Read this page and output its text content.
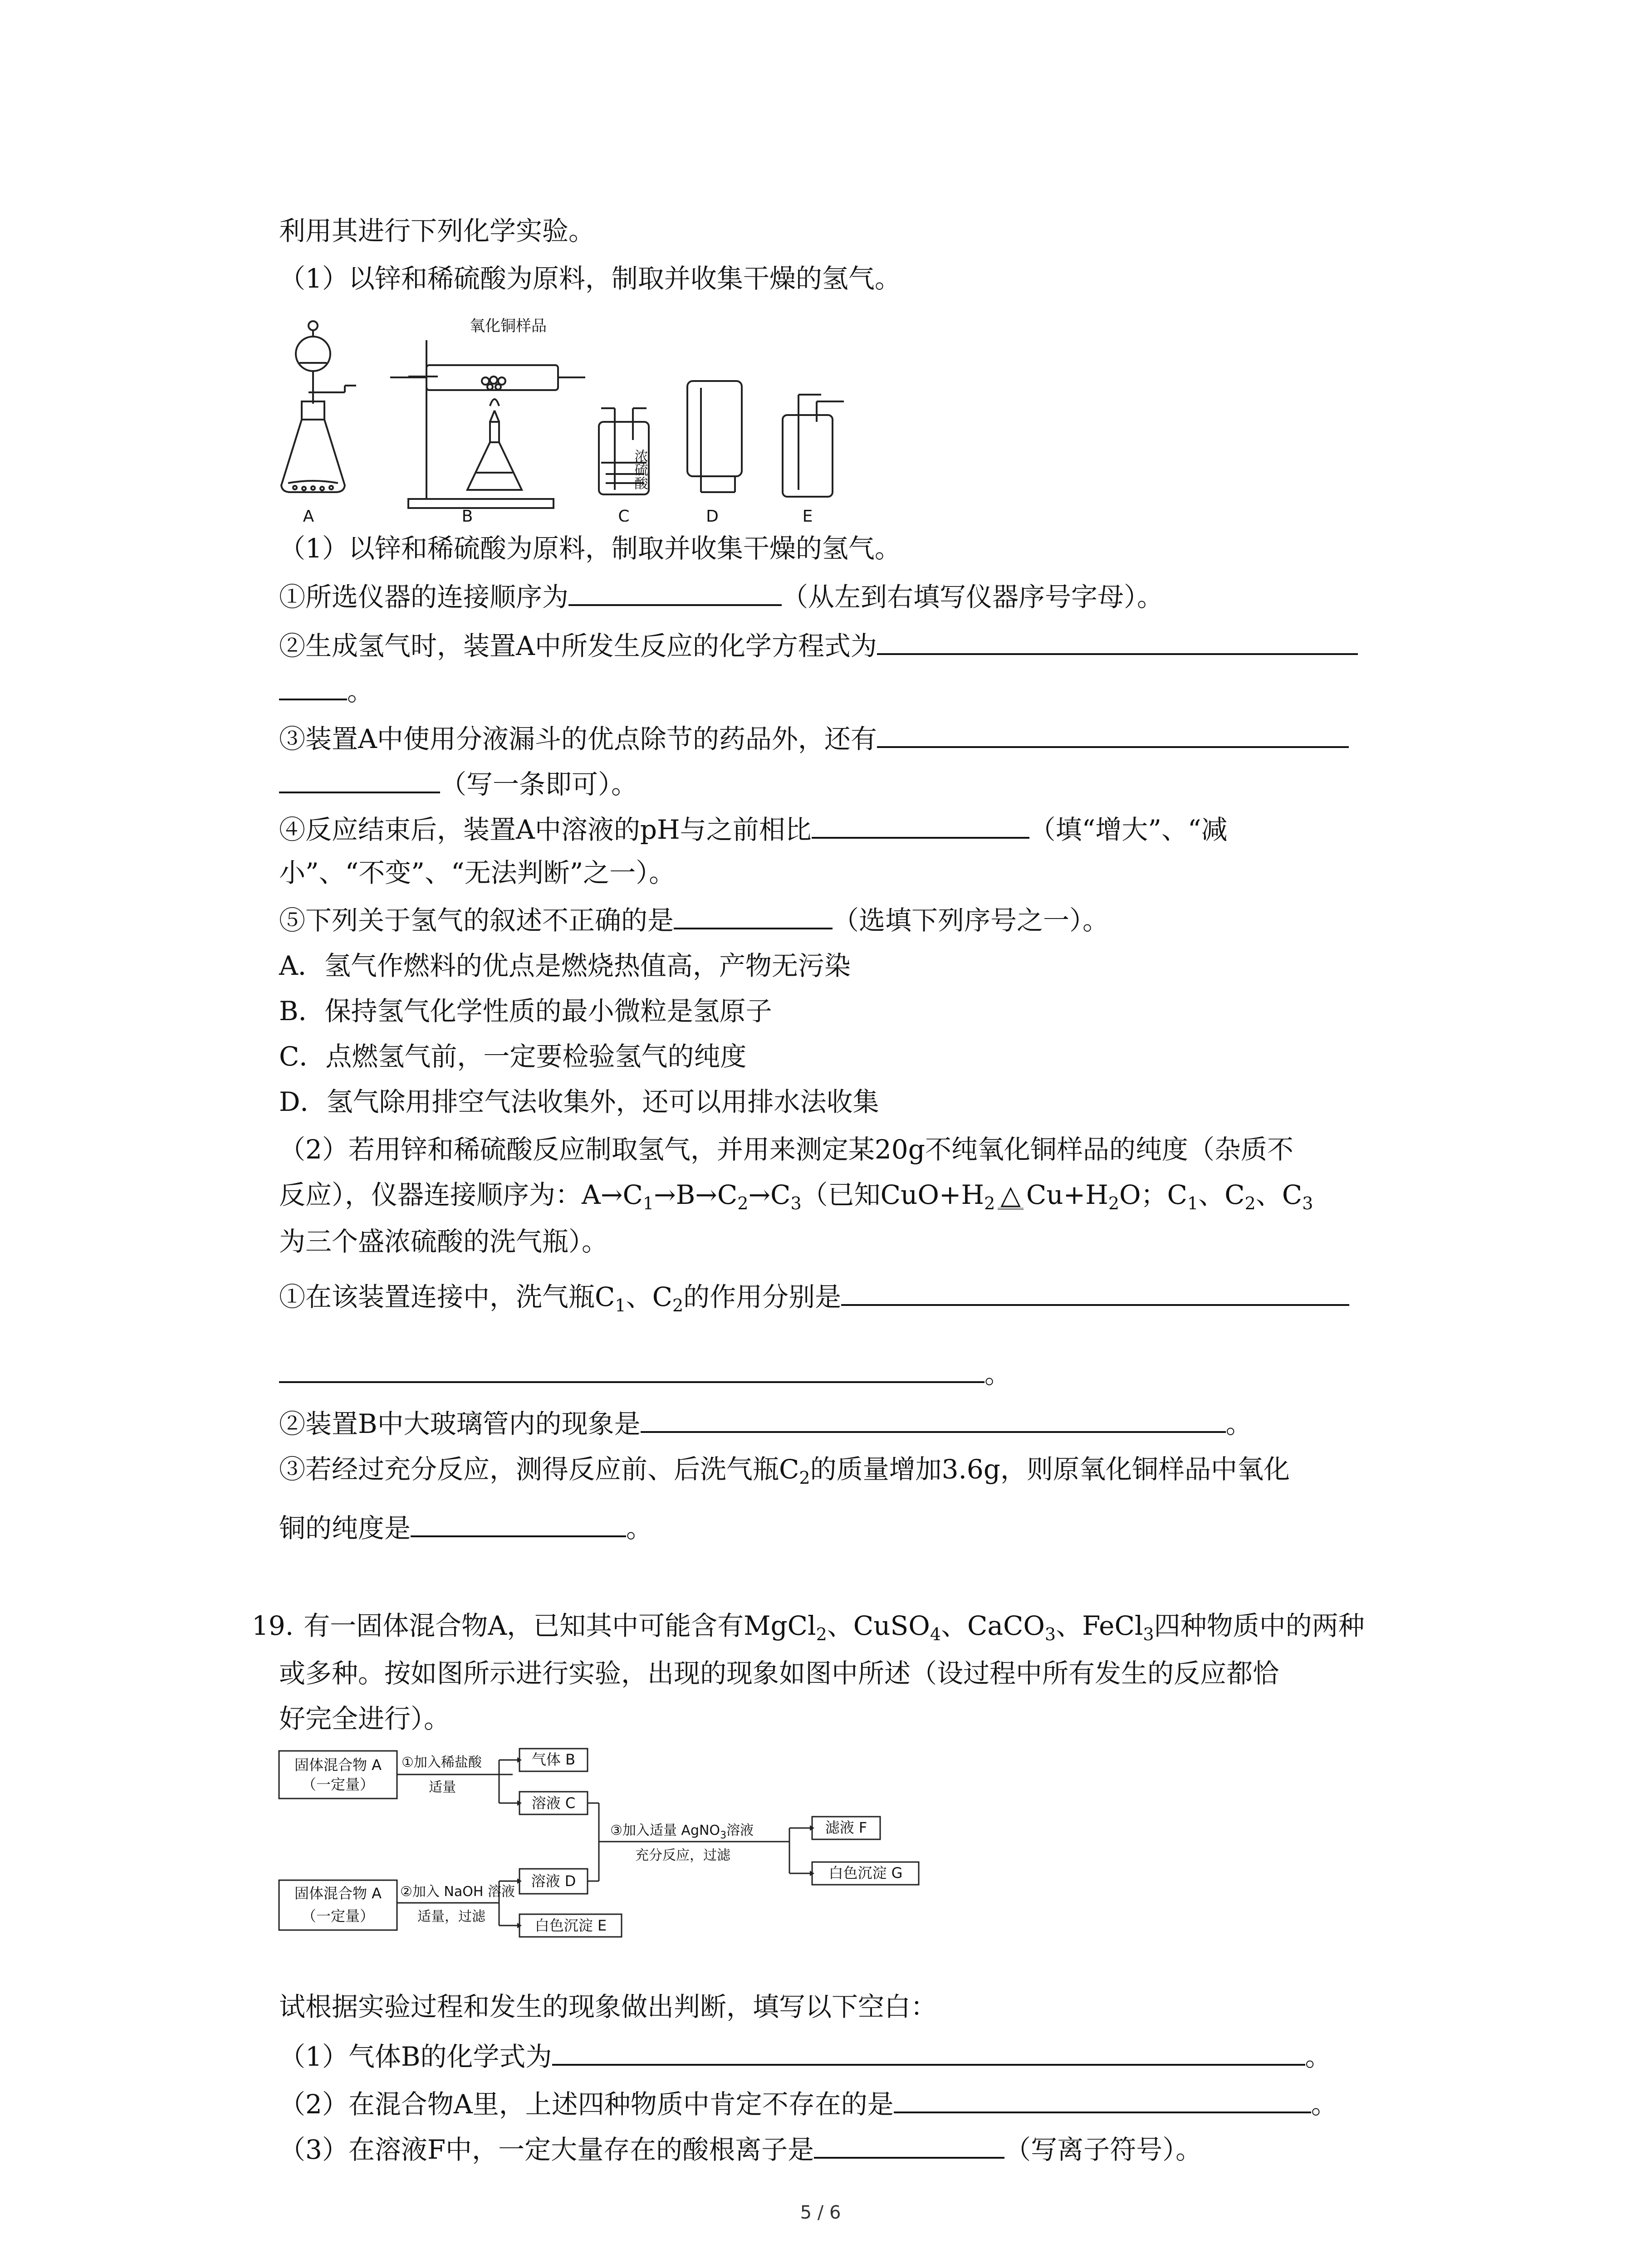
利用其进行下列化学实验。
（1）以锌和稀硫酸为原料，制取并收集干燥的氢气。
氧化铜样品
浓硫酸
A	B	C	D	E
（1）以锌和稀硫酸为原料，制取并收集干燥的氢气。
①所选仪器的连接顺序为	（从左到右填写仪器序号字母）。
②生成氢气时，装置A中所发生反应的化学方程式为
。
③装置A中使用分液漏斗的优点除节的药品外，还有
（写一条即可）。
④反应结束后，装置A中溶液的pH与之前相比	（填“增大”、“减
小”、“不变”、“无法判断”之一）。
⑤下列关于氢气的叙述不正确的是	（选填下列序号之一）。
A．氢气作燃料的优点是燃烧热值高，产物无污染
B．保持氢气化学性质的最小微粒是氢原子
C．点燃氢气前，一定要检验氢气的纯度
D．氢气除用排空气法收集外，还可以用排水法收集
（2）若用锌和稀硫酸反应制取氢气，并用来测定某20g不纯氧化铜样品的纯度（杂质不
反应），仪器连接顺序为：$A\to C_1\to B\to C_2\to C_3$（已知$CuO+H_2$ △ $Cu+H_2O$；$C_1$、$C_2$、$C_3$
为三个盛浓硫酸的洗气瓶）。
①在该装置连接中，洗气瓶$C_1$、$C_2$的作用分别是
。
②装置B中大玻璃管内的现象是	。
③若经过充分反应，测得反应前、后洗气瓶$C_2$的质量增加3.6g，则原氧化铜样品中氧化
铜的纯度是	。
19. 有一固体混合物A，已知其中可能含有MgCl$_2$、CuSO$_4$、CaCO$_3$、FeCl$_3$四种物质中的两种
或多种。按如图所示进行实验，出现的现象如图中所述（设过程中所有发生的反应都恰
好完全进行）。
固体混合物 A
（一定量）
①加入稀盐酸
适量
气体 B
溶液 C
③加入适量 AgNO$_3$溶液
充分反应，过滤
滤液 F
白色沉淀 G
固体混合物 A
（一定量）
②加入 NaOH 溶液
适量，过滤
溶液 D
白色沉淀 E
试根据实验过程和发生的现象做出判断，填写以下空白：
（1）气体B的化学式为	。
（2）在混合物A里，上述四种物质中肯定不存在的是	。
（3）在溶液F中，一定大量存在的酸根离子是	（写离子符号）。
5 / 6
